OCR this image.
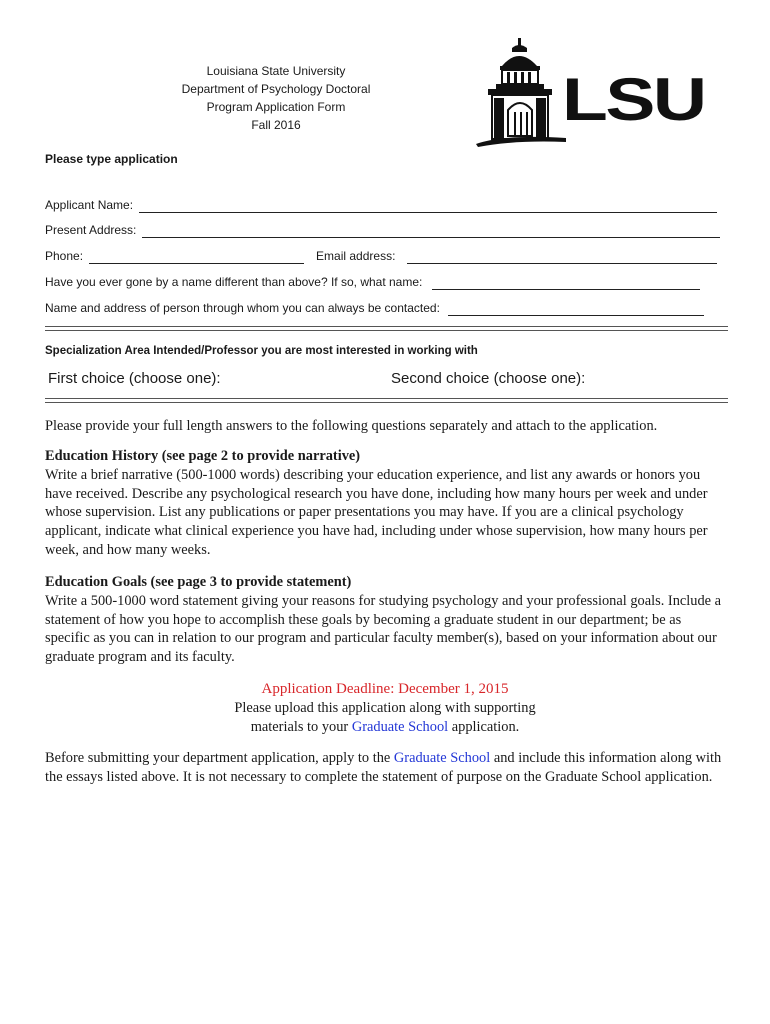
Louisiana State University
Department of Psychology Doctoral
Program Application Form
Fall 2016	LSU
Please type application
Applicant Name:
Present Address:
Phone:	Email address:
Have you ever gone by a name different than above? If so, what name:
Name and address of person through whom you can always be contacted:
Specialization Area Intended/Professor you are most interested in working with
First choice (choose one):	Second choice (choose one):
Please provide your full length answers to the following questions separately and attach to the application.
Education History (see page 2 to provide narrative)
Write a brief narrative (500-1000 words) describing your education experience, and list any awards or honors you have received. Describe any psychological research you have done, including how many hours per week and under whose supervision. List any publications or paper presentations you may have. If you are a clinical psychology applicant, indicate what clinical experience you have had, including under whose supervision, how many hours per week, and how many weeks.
Education Goals (see page 3 to provide statement)
Write a 500-1000 word statement giving your reasons for studying psychology and your professional goals. Include a statement of how you hope to accomplish these goals by becoming a graduate student in our department; be as specific as you can in relation to our program and particular faculty member(s), based on your information about our graduate program and its faculty.
Application Deadline: December 1, 2015
Please upload this application along with supporting
materials to your Graduate School application.
Before submitting your department application, apply to the Graduate School and include this information along with the essays listed above. It is not necessary to complete the statement of purpose on the Graduate School application.
